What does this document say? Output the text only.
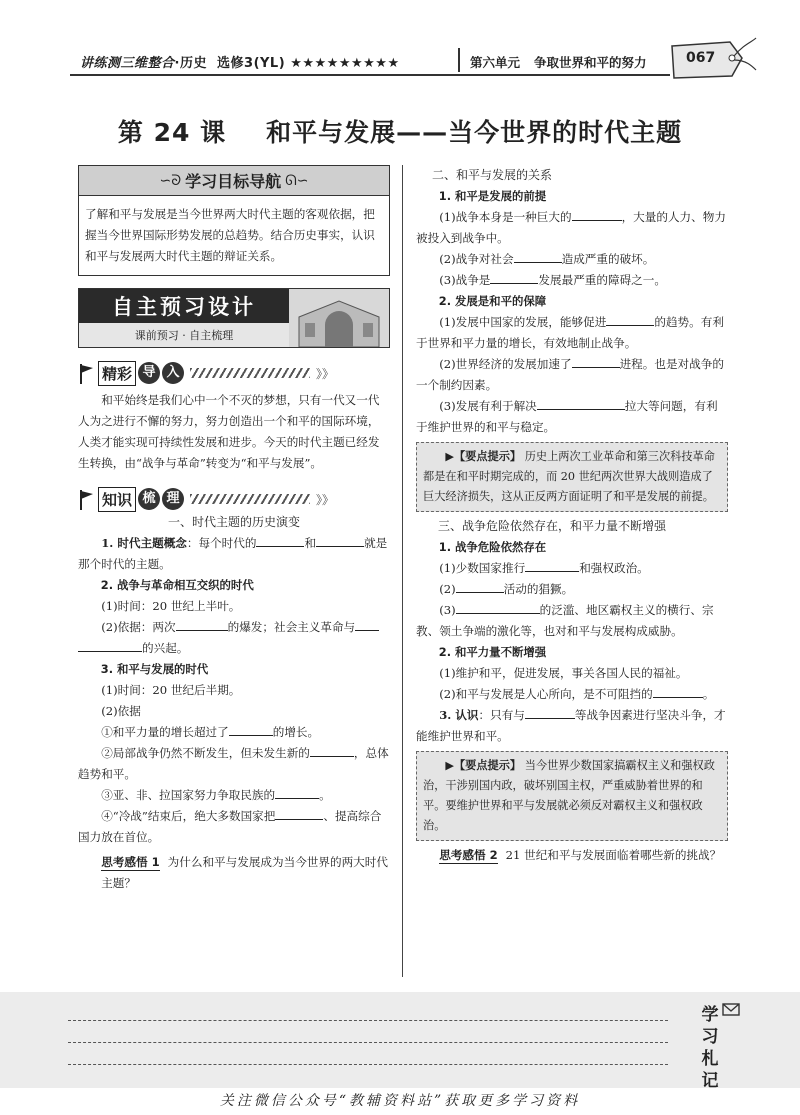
讲练测三维整合·历史 选修3(YL) ★★★★★★★★★	第六单元 争取世界和平的努力	067
第 24 课 和平与发展——当今世界的时代主题
∽ᘐ 学习目标导航 ᘏ∽
了解和平与发展是当今世界两大时代主题的客观依据，把握当今世界国际形势发展的总趋势。结合历史事实，认识和平与发展两大时代主题的辩证关系。
自主预习设计
课前预习 · 自主梳理
精彩 导 入	》》
和平始终是我们心中一个不灭的梦想，只有一代又一代人为之进行不懈的努力，努力创造出一个和平的国际环境，人类才能实现可持续性发展和进步。今天的时代主题已经发生转换，由“战争与革命”转变为“和平与发展”。
知识 梳 理	》》
一、时代主题的历史演变
1. 时代主题概念：每个时代的	和	就是那个时代的主题。
2. 战争与革命相互交织的时代
(1)时间：20 世纪上半叶。
(2)依据：两次	的爆发；社会主义革命与
的兴起。
3. 和平与发展的时代
(1)时间：20 世纪后半期。
(2)依据
①和平力量的增长超过了	的增长。
②局部战争仍然不断发生，但未发生新的	，总体趋势和平。
③亚、非、拉国家努力争取民族的	。
④“冷战”结束后，绝大多数国家把	、提高综合国力放在首位。
思考感悟 1 为什么和平与发展成为当今世界的两大时代主题？
二、和平与发展的关系
1. 和平是发展的前提
(1)战争本身是一种巨大的	，大量的人力、物力被投入到战争中。
(2)战争对社会	造成严重的破坏。
(3)战争是	发展最严重的障碍之一。
2. 发展是和平的保障
(1)发展中国家的发展，能够促进	的趋势。有利于世界和平力量的增长，有效地制止战争。
(2)世界经济的发展加速了	进程。也是对战争的一个制约因素。
(3)发展有利于解决	拉大等问题，有利于维护世界的和平与稳定。
▶【要点提示】 历史上两次工业革命和第三次科技革命都是在和平时期完成的，而 20 世纪两次世界大战则造成了巨大经济损失，这从正反两方面证明了和平是发展的前提。
三、战争危险依然存在，和平力量不断增强
1. 战争危险依然存在
(1)少数国家推行	和强权政治。
(2)	活动的猖獗。
(3)	的泛滥、地区霸权主义的横行、宗教、领土争端的激化等，也对和平与发展构成威胁。
2. 和平力量不断增强
(1)维护和平，促进发展，事关各国人民的福祉。
(2)和平与发展是人心所向，是不可阻挡的	。
3. 认识：只有与	等战争因素进行坚决斗争，才能维护世界和平。
▶【要点提示】 当今世界少数国家搞霸权主义和强权政治，干涉别国内政，破坏别国主权，严重威胁着世界的和平。要维护世界和平与发展就必须反对霸权主义和强权政治。
思考感悟 2 21 世纪和平与发展面临着哪些新的挑战？
学
习
札
记
关注微信公众号“教辅资料站”获取更多学习资料
